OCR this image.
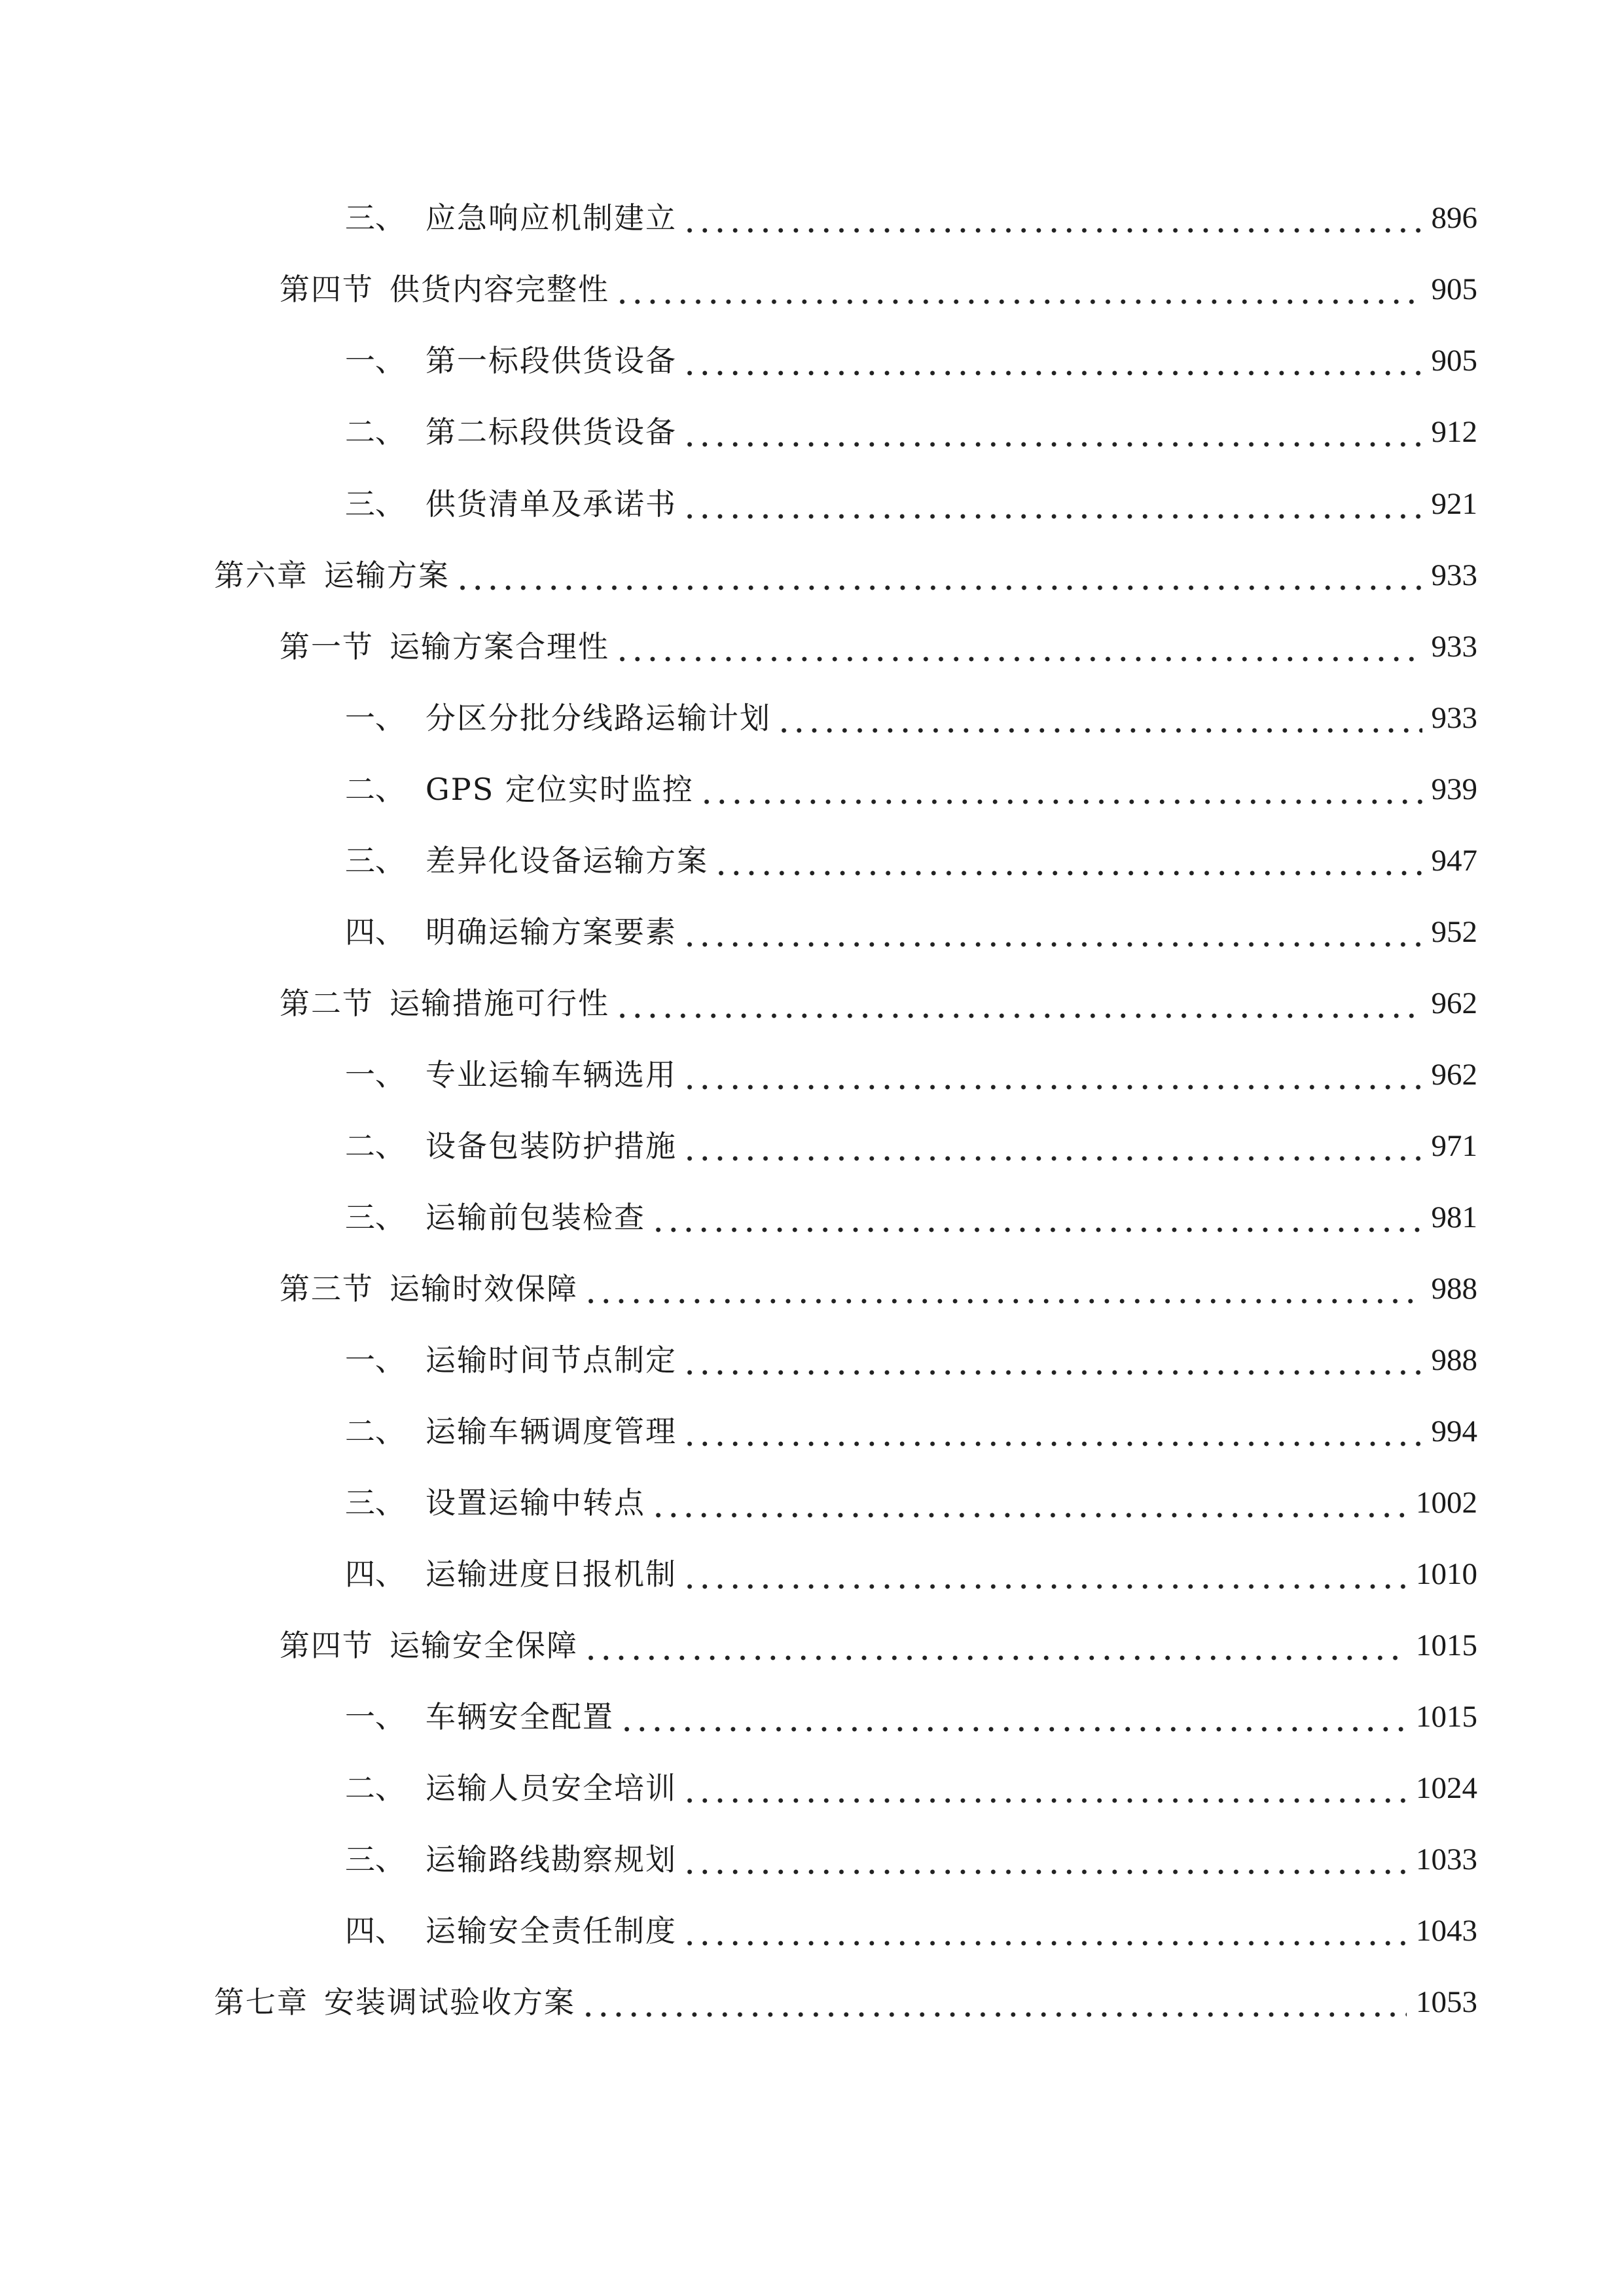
三、 应急响应机制建立	896
第四节 供货内容完整性	905
一、 第一标段供货设备	905
二、 第二标段供货设备	912
三、 供货清单及承诺书	921
第六章 运输方案	933
第一节 运输方案合理性	933
一、 分区分批分线路运输计划	933
二、 GPS 定位实时监控	939
三、 差异化设备运输方案	947
四、 明确运输方案要素	952
第二节 运输措施可行性	962
一、 专业运输车辆选用	962
二、 设备包装防护措施	971
三、 运输前包装检查	981
第三节 运输时效保障	988
一、 运输时间节点制定	988
二、 运输车辆调度管理	994
三、 设置运输中转点	1002
四、 运输进度日报机制	1010
第四节 运输安全保障	1015
一、 车辆安全配置	1015
二、 运输人员安全培训	1024
三、 运输路线勘察规划	1033
四、 运输安全责任制度	1043
第七章 安装调试验收方案	1053
